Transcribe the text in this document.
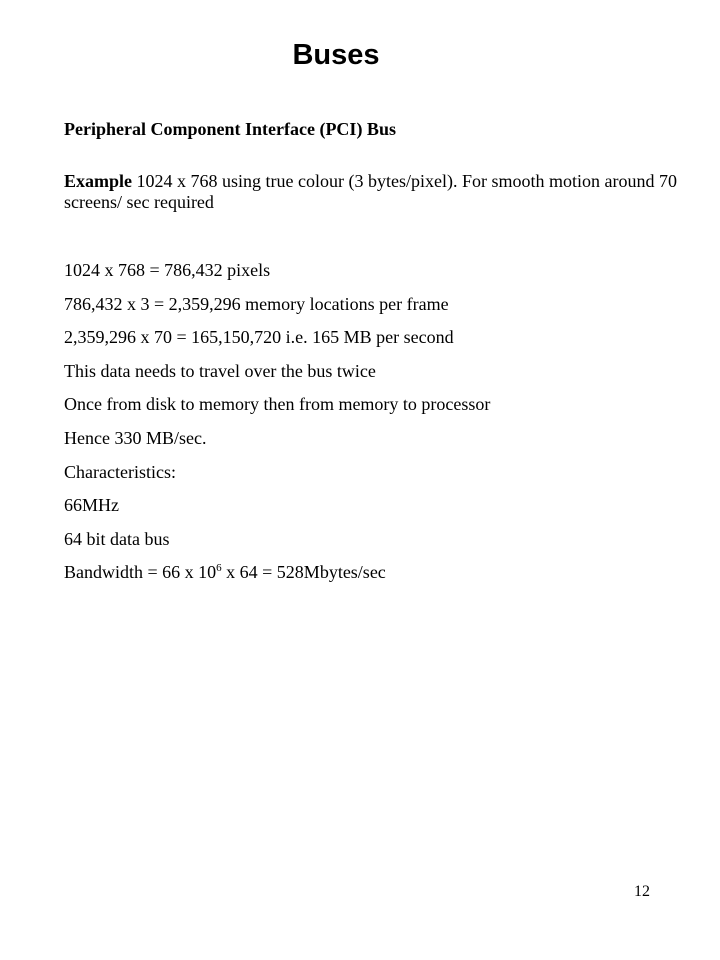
Buses

Peripheral Component Interface (PCI) Bus

Example 1024 x 768 using true colour (3 bytes/pixel). For smooth motion around 70 screens/ sec required

1024 x 768 = 786,432 pixels
786,432 x 3 = 2,359,296 memory locations per frame
2,359,296 x 70 = 165,150,720 i.e. 165 MB per second
This data needs to travel over the bus twice
Once from disk to memory then from memory to processor
Hence 330 MB/sec.
Characteristics:
66MHz
64 bit data bus
Bandwidth = 66 x $10^6$ x 64 = 528Mbytes/sec

12
